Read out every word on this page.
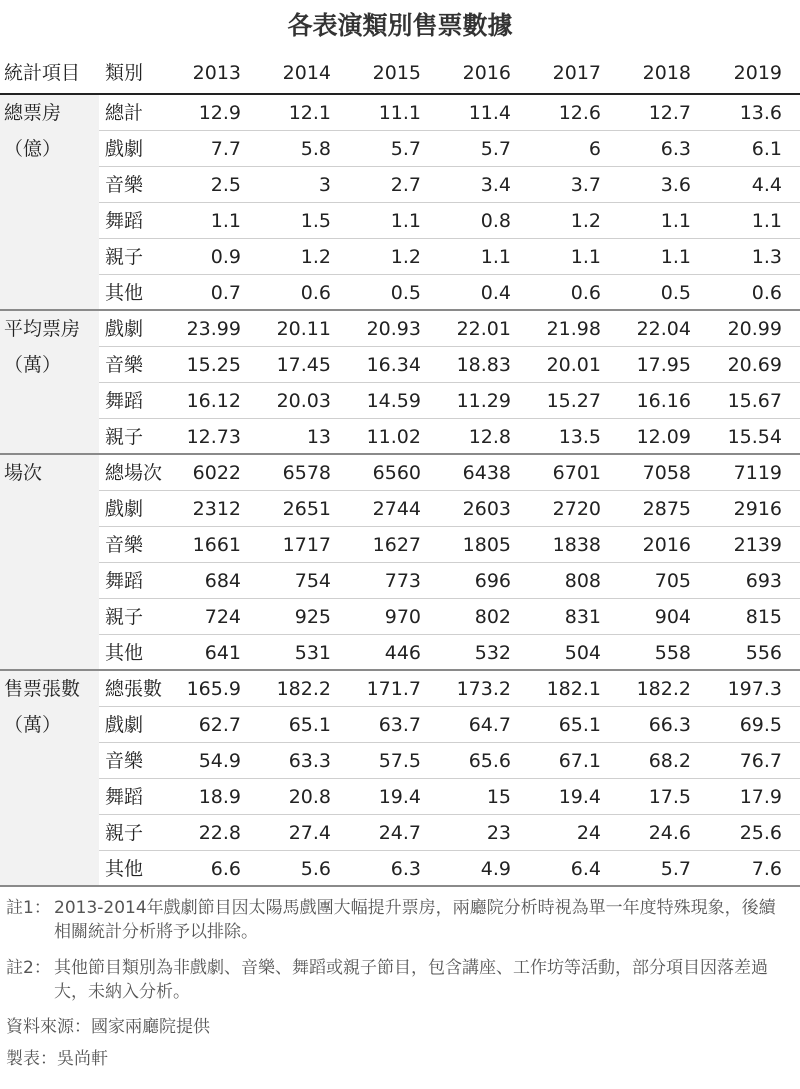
各表演類別售票數據
統計項目 類別	2013	2014	2015	2016	2017	2018	2019
總票房
（億）
總計	12.9	12.1	11.1	11.4	12.6	12.7	13.6
戲劇	7.7	5.8	5.7	5.7	6	6.3	6.1
音樂	2.5	3	2.7	3.4	3.7	3.6	4.4
舞蹈	1.1	1.5	1.1	0.8	1.2	1.1	1.1
親子	0.9	1.2	1.2	1.1	1.1	1.1	1.3
其他	0.7	0.6	0.5	0.4	0.6	0.5	0.6
平均票房
（萬）
戲劇	23.99	20.11	20.93	22.01	21.98	22.04	20.99
音樂	15.25	17.45	16.34	18.83	20.01	17.95	20.69
舞蹈	16.12	20.03	14.59	11.29	15.27	16.16	15.67
親子	12.73	13	11.02	12.8	13.5	12.09	15.54
場次	總場次	6022	6578	6560	6438	6701	7058	7119
戲劇	2312	2651	2744	2603	2720	2875	2916
音樂	1661	1717	1627	1805	1838	2016	2139
舞蹈	684	754	773	696	808	705	693
親子	724	925	970	802	831	904	815
其他	641	531	446	532	504	558	556
售票張數
（萬）
總張數	165.9	182.2	171.7	173.2	182.1	182.2	197.3
戲劇	62.7	65.1	63.7	64.7	65.1	66.3	69.5
音樂	54.9	63.3	57.5	65.6	67.1	68.2	76.7
舞蹈	18.9	20.8	19.4	15	19.4	17.5	17.9
親子	22.8	27.4	24.7	23	24	24.6	25.6
其他	6.6	5.6	6.3	4.9	6.4	5.7	7.6
註1： 2013-2014年戲劇節目因太陽馬戲團大幅提升票房，兩廳院分析時視為單一年度特殊現象，後續相關統計分析將予以排除。
註2： 其他節目類別為非戲劇、音樂、舞蹈或親子節目，包含講座、工作坊等活動，部分項目因落差過大，未納入分析。
資料來源：國家兩廳院提供
製表：吳尚軒
